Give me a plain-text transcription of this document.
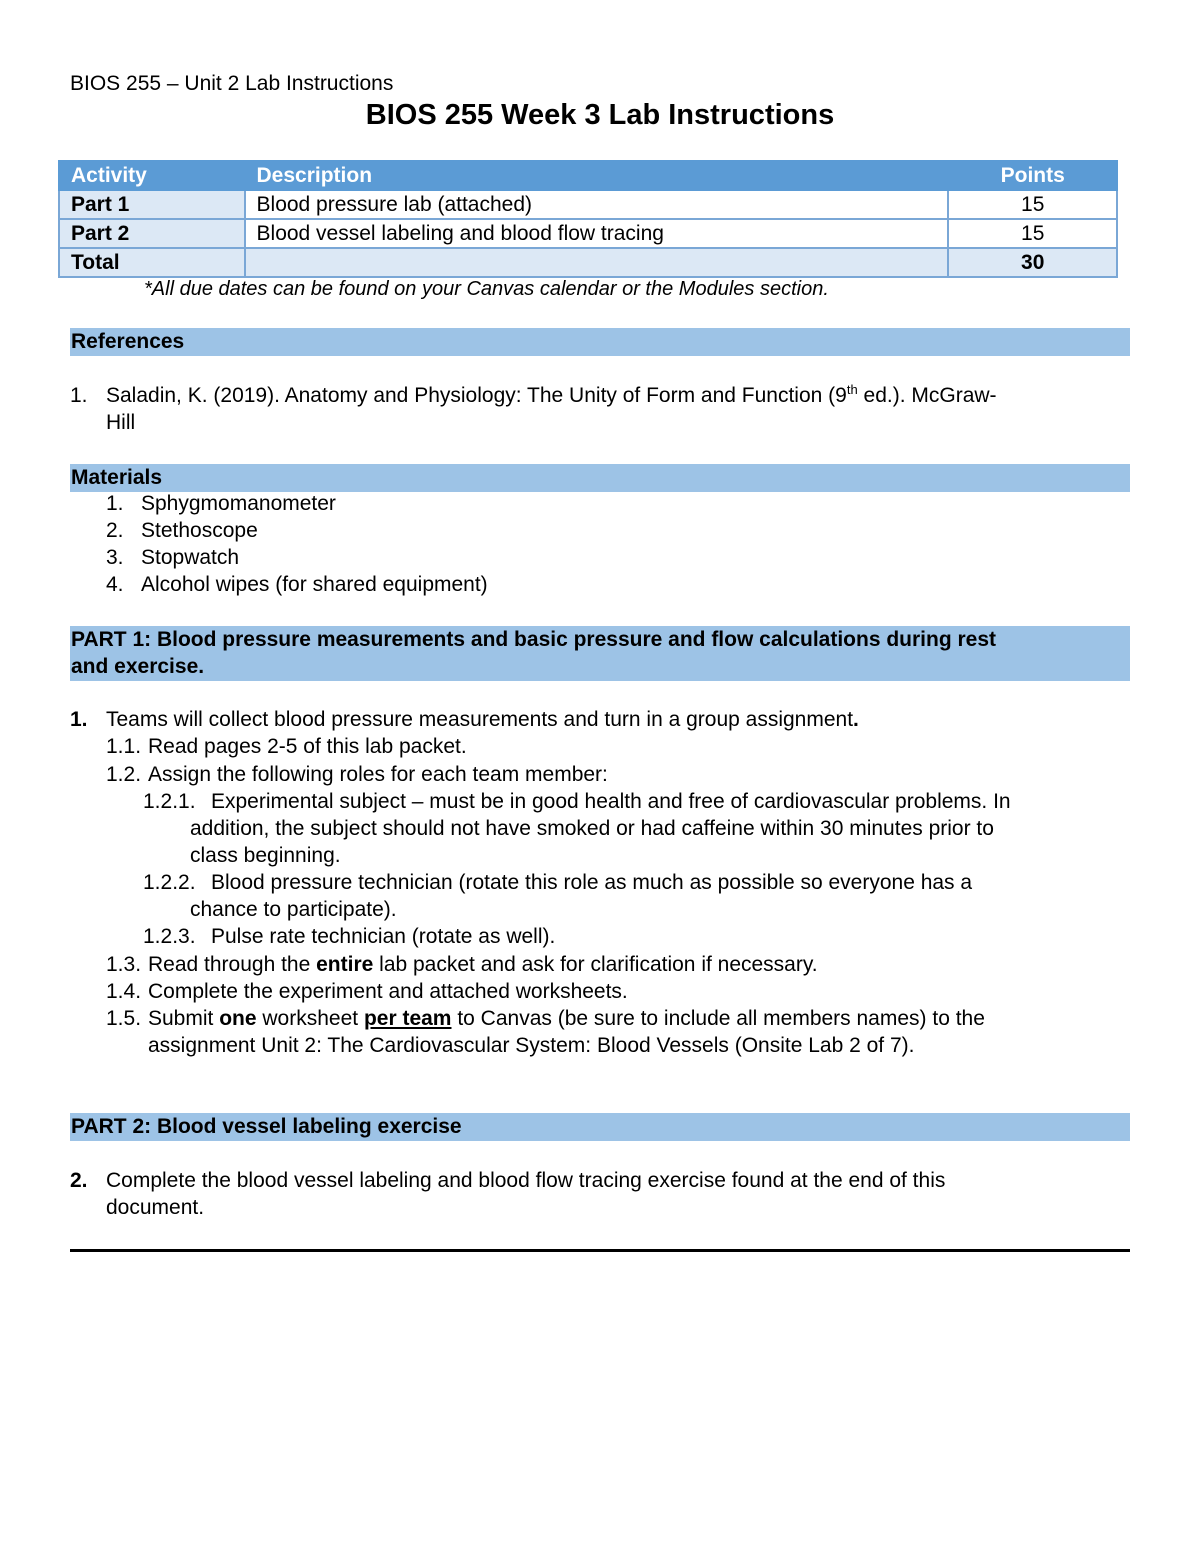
BIOS 255 – Unit 2 Lab Instructions
BIOS 255 Week 3 Lab Instructions
Activity	Description	Points
Part 1	Blood pressure lab (attached)	15
Part 2	Blood vessel labeling and blood flow tracing	15
Total		30
*All due dates can be found on your Canvas calendar or the Modules section.
References
1. Saladin, K. (2019). Anatomy and Physiology: The Unity of Form and Function (9th ed.). McGraw-
Hill
Materials
1. Sphygmomanometer
2. Stethoscope
3. Stopwatch
4. Alcohol wipes (for shared equipment)
PART 1: Blood pressure measurements and basic pressure and flow calculations during rest
and exercise.
1. Teams will collect blood pressure measurements and turn in a group assignment.
1.1. Read pages 2-5 of this lab packet.
1.2. Assign the following roles for each team member:
1.2.1. Experimental subject – must be in good health and free of cardiovascular problems. In
addition, the subject should not have smoked or had caffeine within 30 minutes prior to
class beginning.
1.2.2. Blood pressure technician (rotate this role as much as possible so everyone has a
chance to participate).
1.2.3. Pulse rate technician (rotate as well).
1.3. Read through the entire lab packet and ask for clarification if necessary.
1.4. Complete the experiment and attached worksheets.
1.5. Submit one worksheet per team to Canvas (be sure to include all members names) to the
assignment Unit 2: The Cardiovascular System: Blood Vessels (Onsite Lab 2 of 7).
PART 2: Blood vessel labeling exercise
2. Complete the blood vessel labeling and blood flow tracing exercise found at the end of this
document.
